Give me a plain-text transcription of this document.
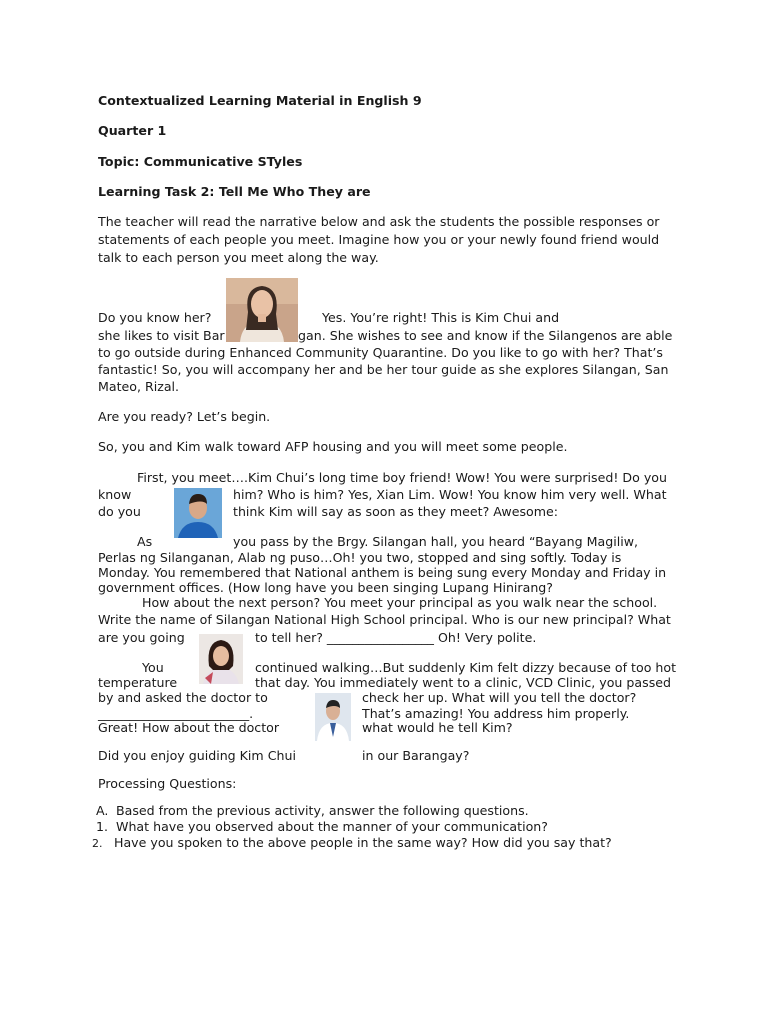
Contextualized Learning Material in English 9
Quarter 1
Topic: Communicative STyles
Learning Task 2: Tell Me Who They are
The teacher will read the narrative below and ask the students the possible responses or
statements of each people you meet. Imagine how you or your newly found friend would
talk to each person you meet along the way.
Do you know her?	Yes. You’re right! This is Kim Chui and
she likes to visit Bar	gan. She wishes to see and know if the Silangenos are able
to go outside during Enhanced Community Quarantine. Do you like to go with her? That’s
fantastic! So, you will accompany her and be her tour guide as she explores Silangan, San
Mateo, Rizal.
Are you ready? Let’s begin.
So, you and Kim walk toward AFP housing and you will meet some people.
First, you meet….Kim Chui’s long time boy friend! Wow! You were surprised! Do you
know	him? Who is him? Yes, Xian Lim. Wow! You know him very well. What
do you	think Kim will say as soon as they meet? Awesome:
As	you pass by the Brgy. Silangan hall, you heard “Bayang Magiliw,
Perlas ng Silanganan, Alab ng puso…Oh! you two, stopped and sing softly. Today is
Monday. You remembered that National anthem is being sung every Monday and Friday in
government offices. (How long have you been singing Lupang Hinirang?
How about the next person? You meet your principal as you walk near the school.
Write the name of Silangan National High School principal. Who is our new principal? What
are you going	to tell her? _________________ Oh! Very polite.
You	continued walking…But suddenly Kim felt dizzy because of too hot
temperature	that day. You immediately went to a clinic, VCD Clinic, you passed
by and asked the doctor to	check her up. What will you tell the doctor?
________________________.	That’s amazing! You address him properly.
Great! How about the doctor	what would he tell Kim?
Did you enjoy guiding Kim Chui	in our Barangay?
Processing Questions:
A. Based from the previous activity, answer the following questions.
1. What have you observed about the manner of your communication?
2. Have you spoken to the above people in the same way? How did you say that?
